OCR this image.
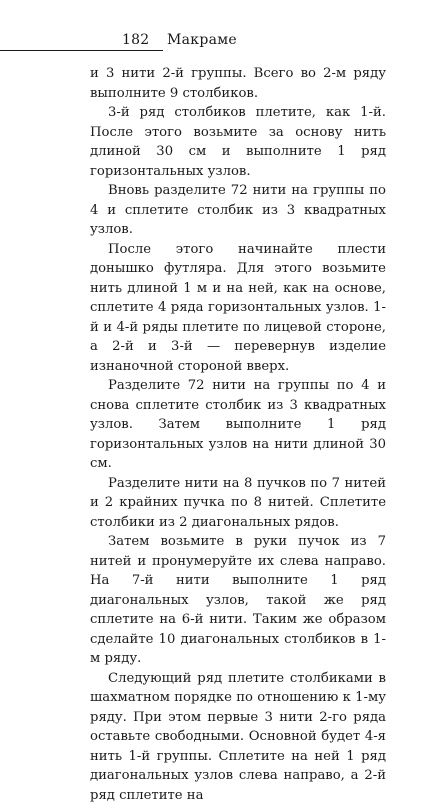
182 Макраме

и 3 нити 2-й группы. Всего во 2-м ряду выполните 9 столбиков.

3-й ряд столбиков плетите, как 1-й. После этого возьмите за основу нить длиной 30 см и выполните 1 ряд горизонтальных узлов.

Вновь разделите 72 нити на группы по 4 и сплетите столбик из 3 квадратных узлов.

После этого начинайте плести донышко футляра. Для этого возьмите нить длиной 1 м и на ней, как на основе, сплетите 4 ряда горизонтальных узлов. 1-й и 4-й ряды плетите по лицевой стороне, а 2-й и 3-й — перевернув изделие изнаночной стороной вверх.

Разделите 72 нити на группы по 4 и снова сплетите столбик из 3 квадратных узлов. Затем выполните 1 ряд горизонтальных узлов на нити длиной 30 см.

Разделите нити на 8 пучков по 7 нитей и 2 крайних пучка по 8 нитей. Сплетите столбики из 2 диагональных рядов.

Затем возьмите в руки пучок из 7 нитей и пронумеруйте их слева направо. На 7-й нити выполните 1 ряд диагональных узлов, такой же ряд сплетите на 6-й нити. Таким же образом сделайте 10 диагональных столбиков в 1-м ряду.

Следующий ряд плетите столбиками в шахматном порядке по отношению к 1-му ряду. При этом первые 3 нити 2-го ряда оставьте свободными. Основной будет 4-я нить 1-й группы. Сплетите на ней 1 ряд диагональных узлов слева направо, а 2-й ряд сплетите на
